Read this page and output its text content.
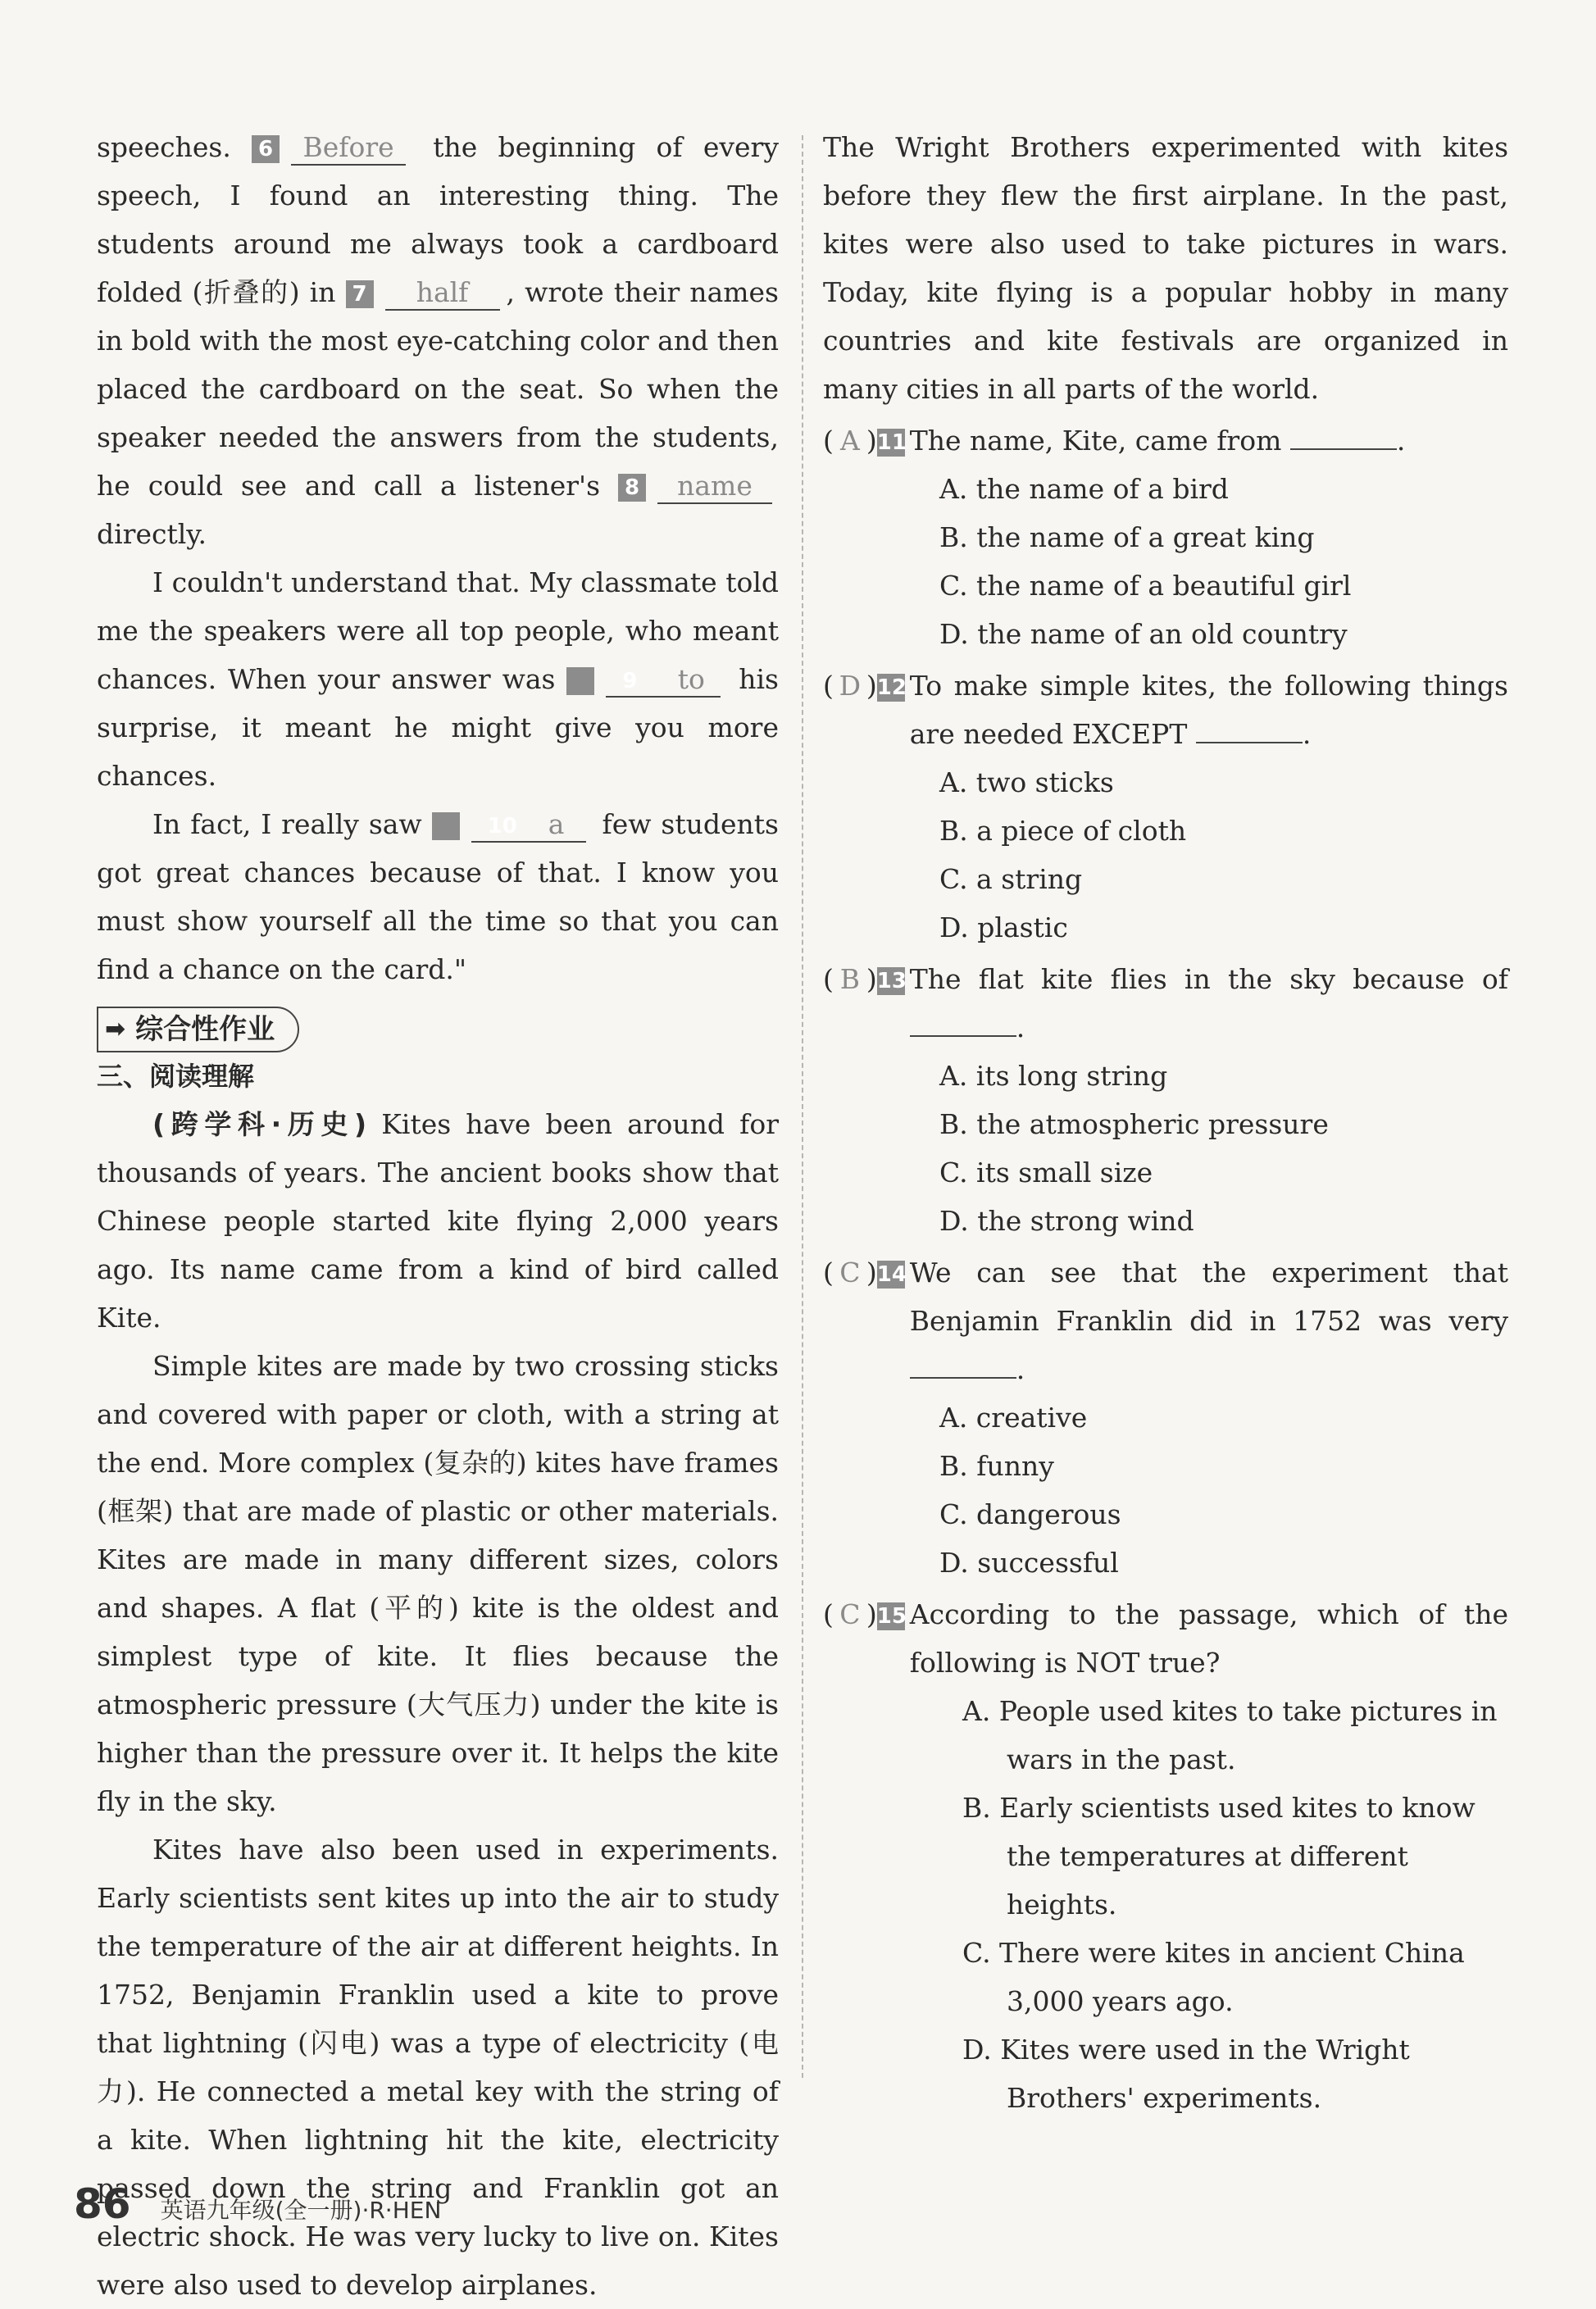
speeches. 6 Before the beginning of every speech, I found an interesting thing. The students around me always took a cardboard folded (折叠的) in 7 half , wrote their names in bold with the most eye-catching color and then placed the cardboard on the seat. So when the speaker needed the answers from the students, he could see and call a listener's 8 name directly.

I couldn't understand that. My classmate told me the speakers were all top people, who meant chances. When your answer was	9 to his surprise, it meant he might give you more chances.

In fact, I really saw	10 a few students got great chances because of that. I know you must show yourself all the time so that you can find a chance on the card."

➡ 综合性作业
三、阅读理解

(跨学科·历史) Kites have been around for thousands of years. The ancient books show that Chinese people started kite flying 2,000 years ago. Its name came from a kind of bird called Kite.

Simple kites are made by two crossing sticks and covered with paper or cloth, with a string at the end. More complex (复杂的) kites have frames (框架) that are made of plastic or other materials. Kites are made in many different sizes, colors and shapes. A flat (平的) kite is the oldest and simplest type of kite. It flies because the atmospheric pressure (大气压力) under the kite is higher than the pressure over it. It helps the kite fly in the sky.

Kites have also been used in experiments. Early scientists sent kites up into the air to study the temperature of the air at different heights. In 1752, Benjamin Franklin used a kite to prove that lightning (闪电) was a type of electricity (电力). He connected a metal key with the string of a kite. When lightning hit the kite, electricity passed down the string and Franklin got an electric shock. He was very lucky to live on. Kites were also used to develop airplanes.

The Wright Brothers experimented with kites before they flew the first airplane. In the past, kites were also used to take pictures in wars. Today, kite flying is a popular hobby in many countries and kite festivals are organized in many cities in all parts of the world.

( A )11 The name, Kite, came from	.
A. the name of a bird
B. the name of a great king
C. the name of a beautiful girl
D. the name of an old country
( D )12 To make simple kites, the following things are needed EXCEPT	.
A. two sticks
B. a piece of cloth
C. a string
D. plastic
( B )13 The flat kite flies in the sky because of .
A. its long string
B. the atmospheric pressure
C. its small size
D. the strong wind
( C )14 We can see that the experiment that Benjamin Franklin did in 1752 was very .
A. creative
B. funny
C. dangerous
D. successful
( C )15 According to the passage, which of the following is NOT true?
A. People used kites to take pictures in wars in the past.
B. Early scientists used kites to know the temperatures at different heights.
C. There were kites in ancient China 3,000 years ago.
D. Kites were used in the Wright Brothers' experiments.
86 英语九年级(全一册)·R·HEN
